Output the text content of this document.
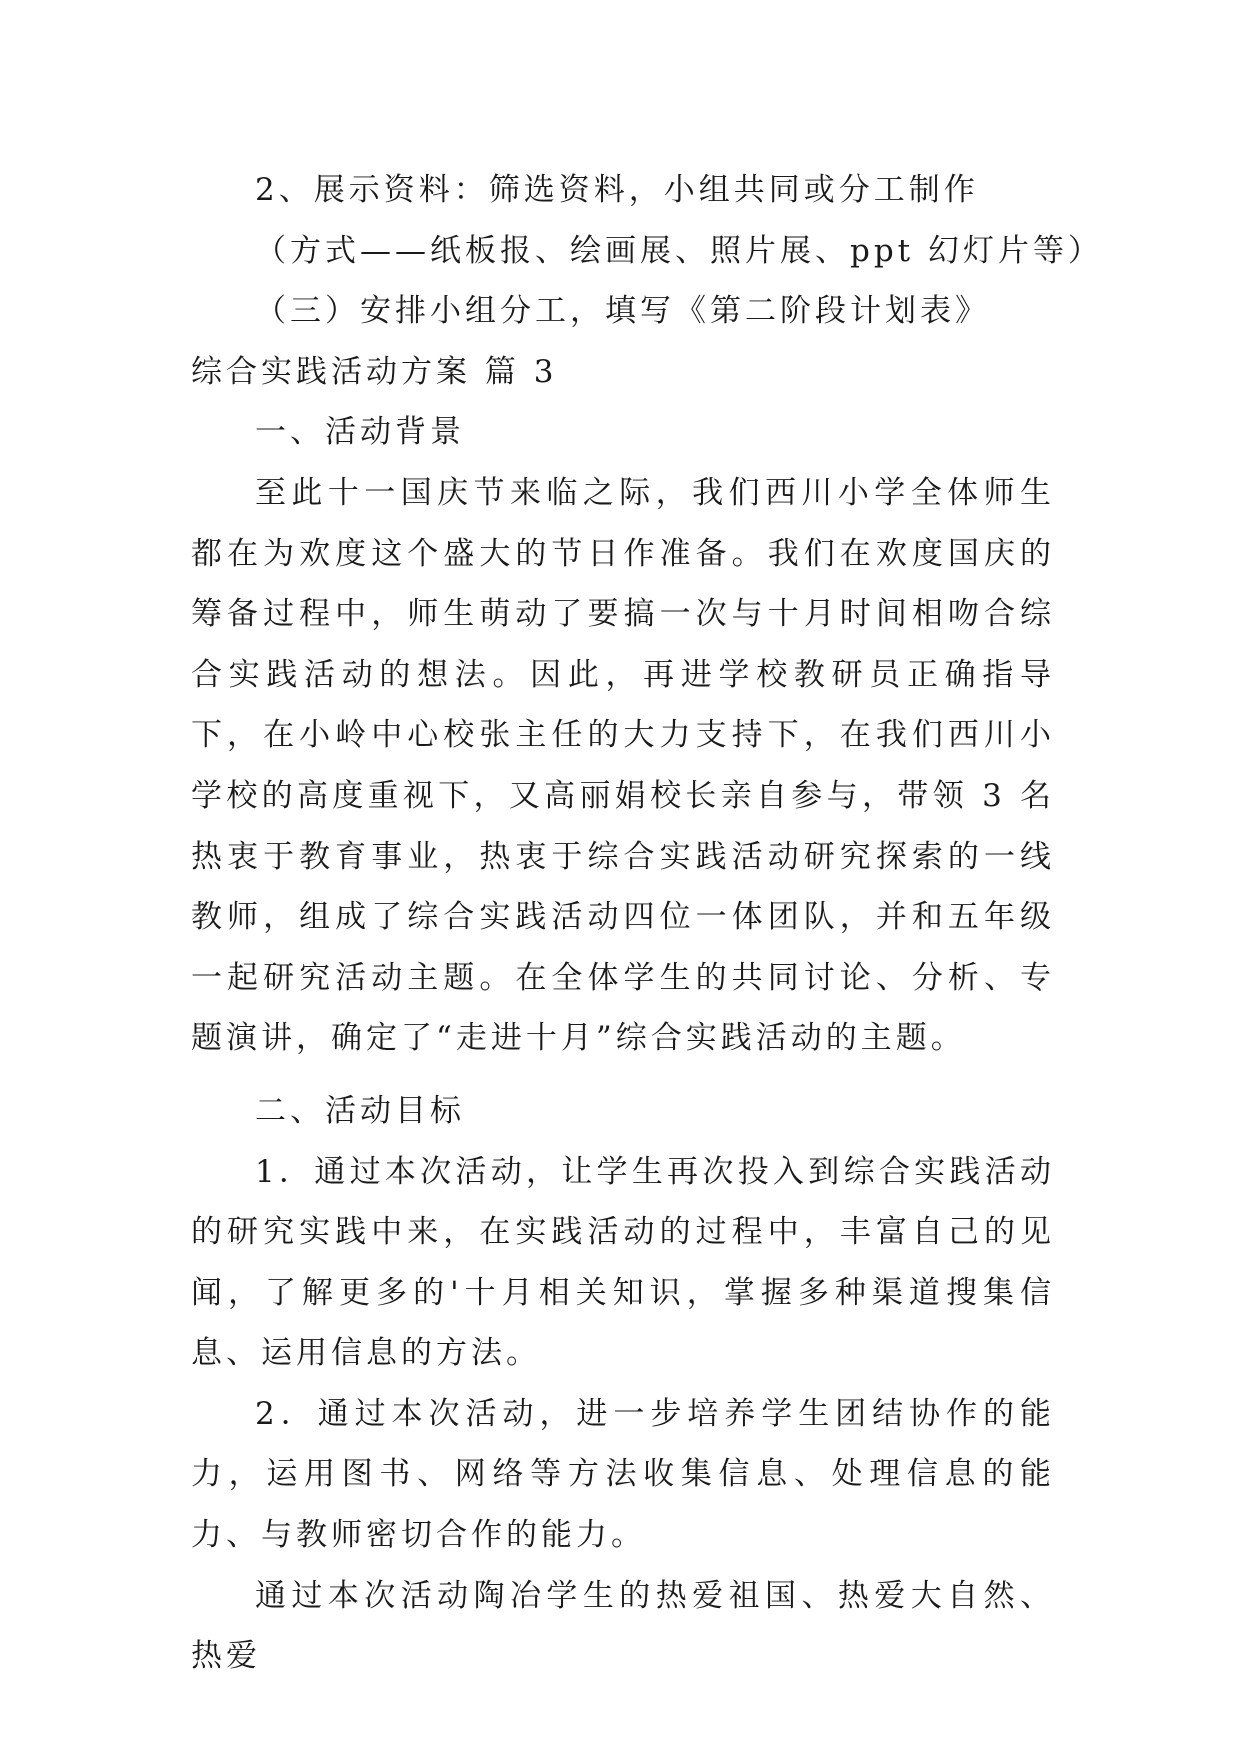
2、展示资料：筛选资料，小组共同或分工制作

（方式——纸板报、绘画展、照片展、ppt 幻灯片等）

（三）安排小组分工，填写《第二阶段计划表》

综合实践活动方案 篇 3

一、活动背景

至此十一国庆节来临之际，我们西川小学全体师生都在为欢度这个盛大的节日作准备。我们在欢度国庆的筹备过程中，师生萌动了要搞一次与十月时间相吻合综合实践活动的想法。因此，再进学校教研员正确指导下，在小岭中心校张主任的大力支持下，在我们西川小学校的高度重视下，又高丽娟校长亲自参与，带领 3 名热衷于教育事业，热衷于综合实践活动研究探索的一线教师，组成了综合实践活动四位一体团队，并和五年级一起研究活动主题。在全体学生的共同讨论、分析、专题演讲，确定了“走进十月”综合实践活动的主题。

二、活动目标

1．通过本次活动，让学生再次投入到综合实践活动的研究实践中来，在实践活动的过程中，丰富自己的见闻，了解更多的'十月相关知识，掌握多种渠道搜集信息、运用信息的方法。

2．通过本次活动，进一步培养学生团结协作的能力，运用图书、网络等方法收集信息、处理信息的能力、与教师密切合作的能力。

通过本次活动陶冶学生的热爱祖国、热爱大自然、热爱
